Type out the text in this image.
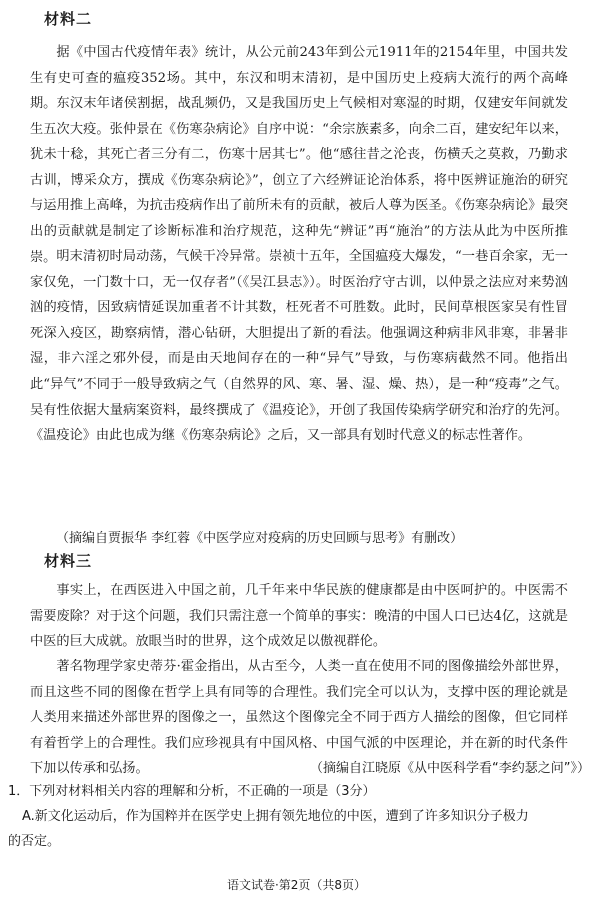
材料二
据《中国古代疫情年表》统计，从公元前243年到公元1911年的2154年里，中国共发生有史可查的瘟疫352场。其中，东汉和明末清初，是中国历史上疫病大流行的两个高峰期。 东汉末年诸侯割据，战乱频仍，又是我国历史上气候相对寒湿的时期，仅建安年间就发生五次大疫。张仲景在《伤寒杂病论》自序中说：“余宗族素多，向余二百，建安纪年以来，犹未十稔，其死亡者三分有二，伤寒十居其七”。他“感往昔之沦丧，伤横夭之莫救，乃勤求古训，博采众方，撰成《伤寒杂病论》”，创立了六经辨证论治体系，将中医辨证施治的研究与运用推上高峰，为抗击疫病作出了前所未有的贡献，被后人尊为医圣。《伤寒杂病论》最突出的贡献就是制定了诊断标准和治疗规范，这种先“辨证”再“施治”的方法从此为中医所推崇。 明末清初时局动荡，气候干冷异常。崇祯十五年，全国瘟疫大爆发，“一巷百余家，无一家仅免，一门数十口，无一仅存者”（《吴江县志》）。时医治疗守古训，以仲景之法应对来势汹汹的疫情，因致病情延误加重者不计其数，枉死者不可胜数。此时，民间草根医家吴有性冒死深入疫区，勘察病情，潜心钻研，大胆提出了新的看法。他强调这种病非风非寒，非暑非湿，非六淫之邪外侵，而是由天地间存在的一种“异气”导致，与伤寒病截然不同。他指出此“异气”不同于一般导致病之气（自然界的风、寒、暑、湿、燥、热），是一种“疫毒”之气。吴有性依据大量病案资料，最终撰成了《温疫论》，开创了我国传染病学研究和治疗的先河。《温疫论》由此也成为继《伤寒杂病论》之后，又一部具有划时代意义的标志性著作。
（摘编自贾振华 李红蓉《中医学应对疫病的历史回顾与思考》有删改）
材料三
事实上，在西医进入中国之前，几千年来中华民族的健康都是由中医呵护的。中医需不需要废除？对于这个问题，我们只需注意一个简单的事实：晚清的中国人口已达4亿，这就是中医的巨大成就。放眼当时的世界，这个成效足以傲视群伦。
著名物理学家史蒂芬·霍金指出，从古至今，人类一直在使用不同的图像描绘外部世界，而且这些不同的图像在哲学上具有同等的合理性。我们完全可以认为，支撑中医的理论就是人类用来描述外部世界的图像之一，虽然这个图像完全不同于西方人描绘的图像，但它同样有着哲学上的合理性。我们应珍视具有中国风格、中国气派的中医理论，并在新的时代条件下加以传承和弘扬。	（摘编自江晓原《从中医科学看“李约瑟之问”》）
1．下列对材料相关内容的理解和分析，不正确的一项是（3分）
A.新文化运动后，作为国粹并在医学史上拥有领先地位的中医，遭到了许多知识分子极力
的否定。
语文试卷·第2页（共8页）
